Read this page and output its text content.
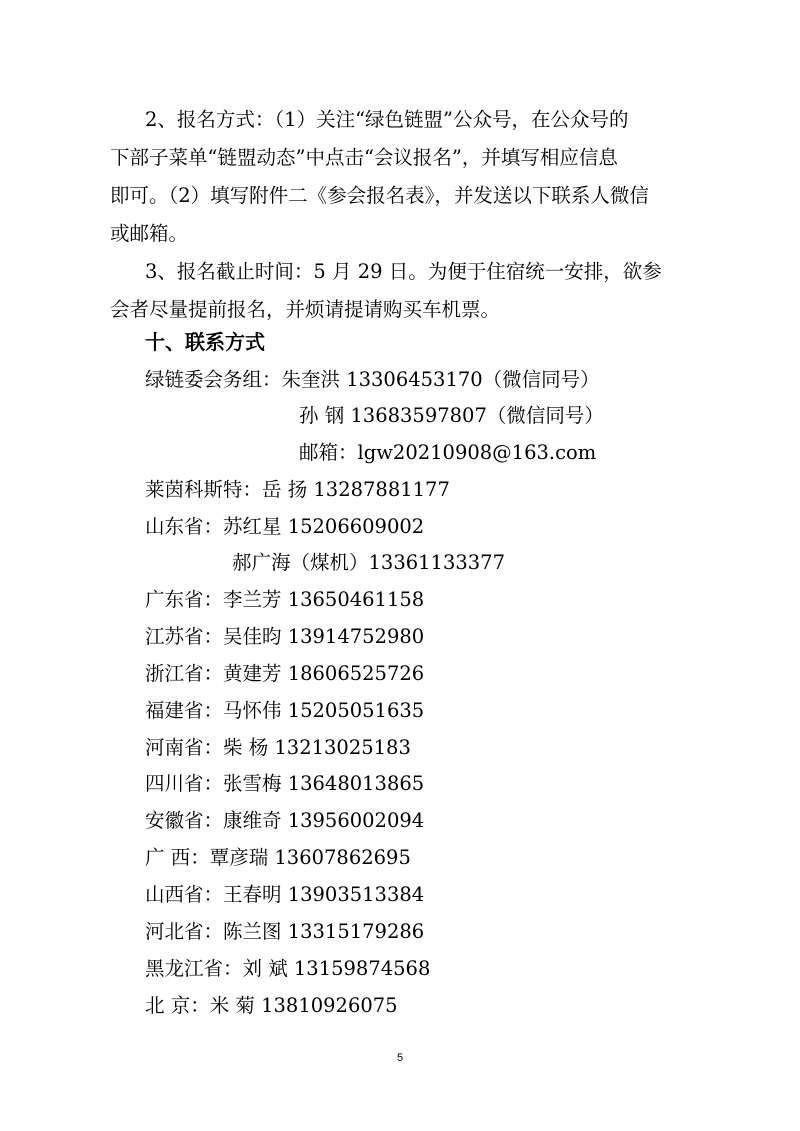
2、报名方式：（1）关注“绿色链盟”公众号，在公众号的
下部子菜单“链盟动态”中点击“会议报名”，并填写相应信息
即可。（2）填写附件二《参会报名表》，并发送以下联系人微信
或邮箱。
3、报名截止时间：5 月 29 日。为便于住宿统一安排，欲参
会者尽量提前报名，并烦请提请购买车机票。
十、联系方式
绿链委会务组：朱奎洪 13306453170（微信同号）
孙 钢 13683597807（微信同号）
邮箱：lgw20210908@163.com
莱茵科斯特：岳 扬 13287881177
山东省：苏红星 15206609002
郝广海（煤机）13361133377
广东省：李兰芳 13650461158
江苏省：吴佳昀 13914752980
浙江省：黄建芳 18606525726
福建省：马怀伟 15205051635
河南省：柴 杨 13213025183
四川省：张雪梅 13648013865
安徽省：康维奇 13956002094
广 西：覃彦瑞 13607862695
山西省：王春明 13903513384
河北省：陈兰图 13315179286
黑龙江省：刘 斌 13159874568
北 京：米 菊 13810926075
5
